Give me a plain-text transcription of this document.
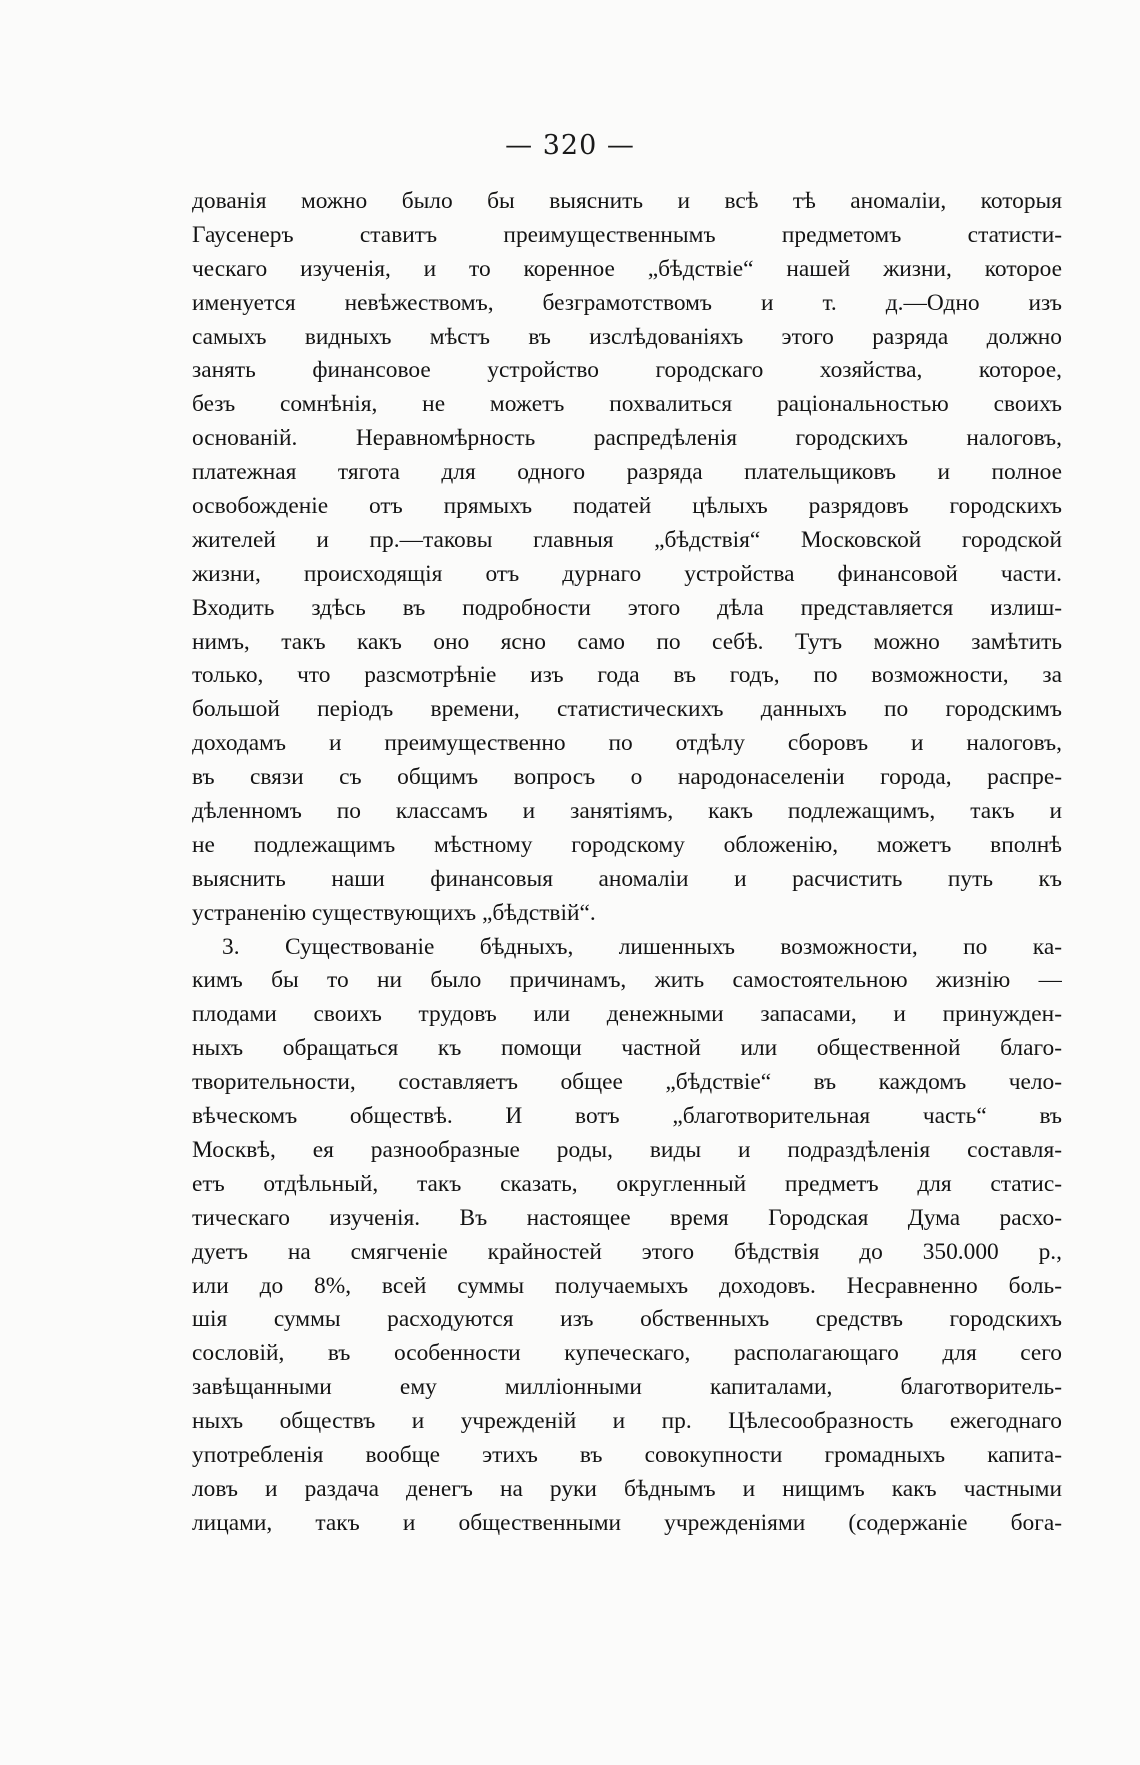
— 320 —
дованія можно было бы выяснить и всѣ тѣ аномаліи, которыя
Гаусенеръ ставитъ преимущественнымъ предметомъ статисти-
ческаго изученія, и то коренное „бѣдствіе“ нашей жизни, которое
именуется невѣжествомъ, безграмотствомъ и т. д.—Одно изъ
самыхъ видныхъ мѣстъ въ изслѣдованіяхъ этого разряда должно
занять финансовое устройство городскаго хозяйства, которое,
безъ сомнѣнія, не можетъ похвалиться раціональностью своихъ
основаній. Неравномѣрность распредѣленія городскихъ налоговъ,
платежная тягота для одного разряда плательщиковъ и полное
освобожденіе отъ прямыхъ податей цѣлыхъ разрядовъ городскихъ
жителей и пр.—таковы главныя „бѣдствія“ Московской городской
жизни, проиcходящія отъ дурнаго устройства финансовой части.
Входить здѣсь въ подробности этого дѣла представляется излиш-
нимъ, такъ какъ оно ясно само по себѣ. Тутъ можно замѣтить
только, что разсмотрѣніе изъ года въ годъ, по возможности, за
большой періодъ времени, статистическихъ данныхъ по городскимъ
доходамъ и преимущественно по отдѣлу сборовъ и налоговъ,
въ связи съ общимъ вопросъ о народонаселеніи города, распре-
дѣленномъ по классамъ и занятіямъ, какъ подлежащимъ, такъ и
не подлежащимъ мѣстному городскому обложенію, можетъ вполнѣ
выяснить наши финансовыя аномаліи и расчистить путь къ
устраненію существующихъ „бѣдствій“.
3. Существованіе бѣдныхъ, лишенныхъ возможности, по ка-
кимъ бы то ни было причинамъ, жить самостоятельною жизнію —
плодами своихъ трудовъ или денежными запасами, и принужден-
ныхъ обращаться къ помощи частной или общественной благо-
творительности, составляетъ общее „бѣдствіе“ въ каждомъ чело-
вѣческомъ обществѣ. И вотъ „благотворительная часть“ въ
Москвѣ, ея разнообразные роды, виды и подраздѣленія составля-
етъ отдѣльный, такъ сказать, округленный предметъ для статис-
тическаго изученія. Въ настоящее время Городская Дума расхо-
дуетъ на смягченіе крайностей этого бѣдствія до 350.000 р.,
или до 8%, всей суммы получаемыхъ доходовъ. Несравненно боль-
шія суммы расходуются изъ обственныхъ средствъ городскихъ
сословій, въ особенности купеческаго, располагающаго для сего
завѣщанными ему милліонными капиталами, благотворитель-
ныхъ обществъ и учрежденій и пр. Цѣлесообразность ежегоднаго
употребленія вообще этихъ въ совокупности громадныхъ капита-
ловъ и раздача денегъ на руки бѣднымъ и нищимъ какъ частными
лицами, такъ и общественными учрежденіями (содержаніе бога-
